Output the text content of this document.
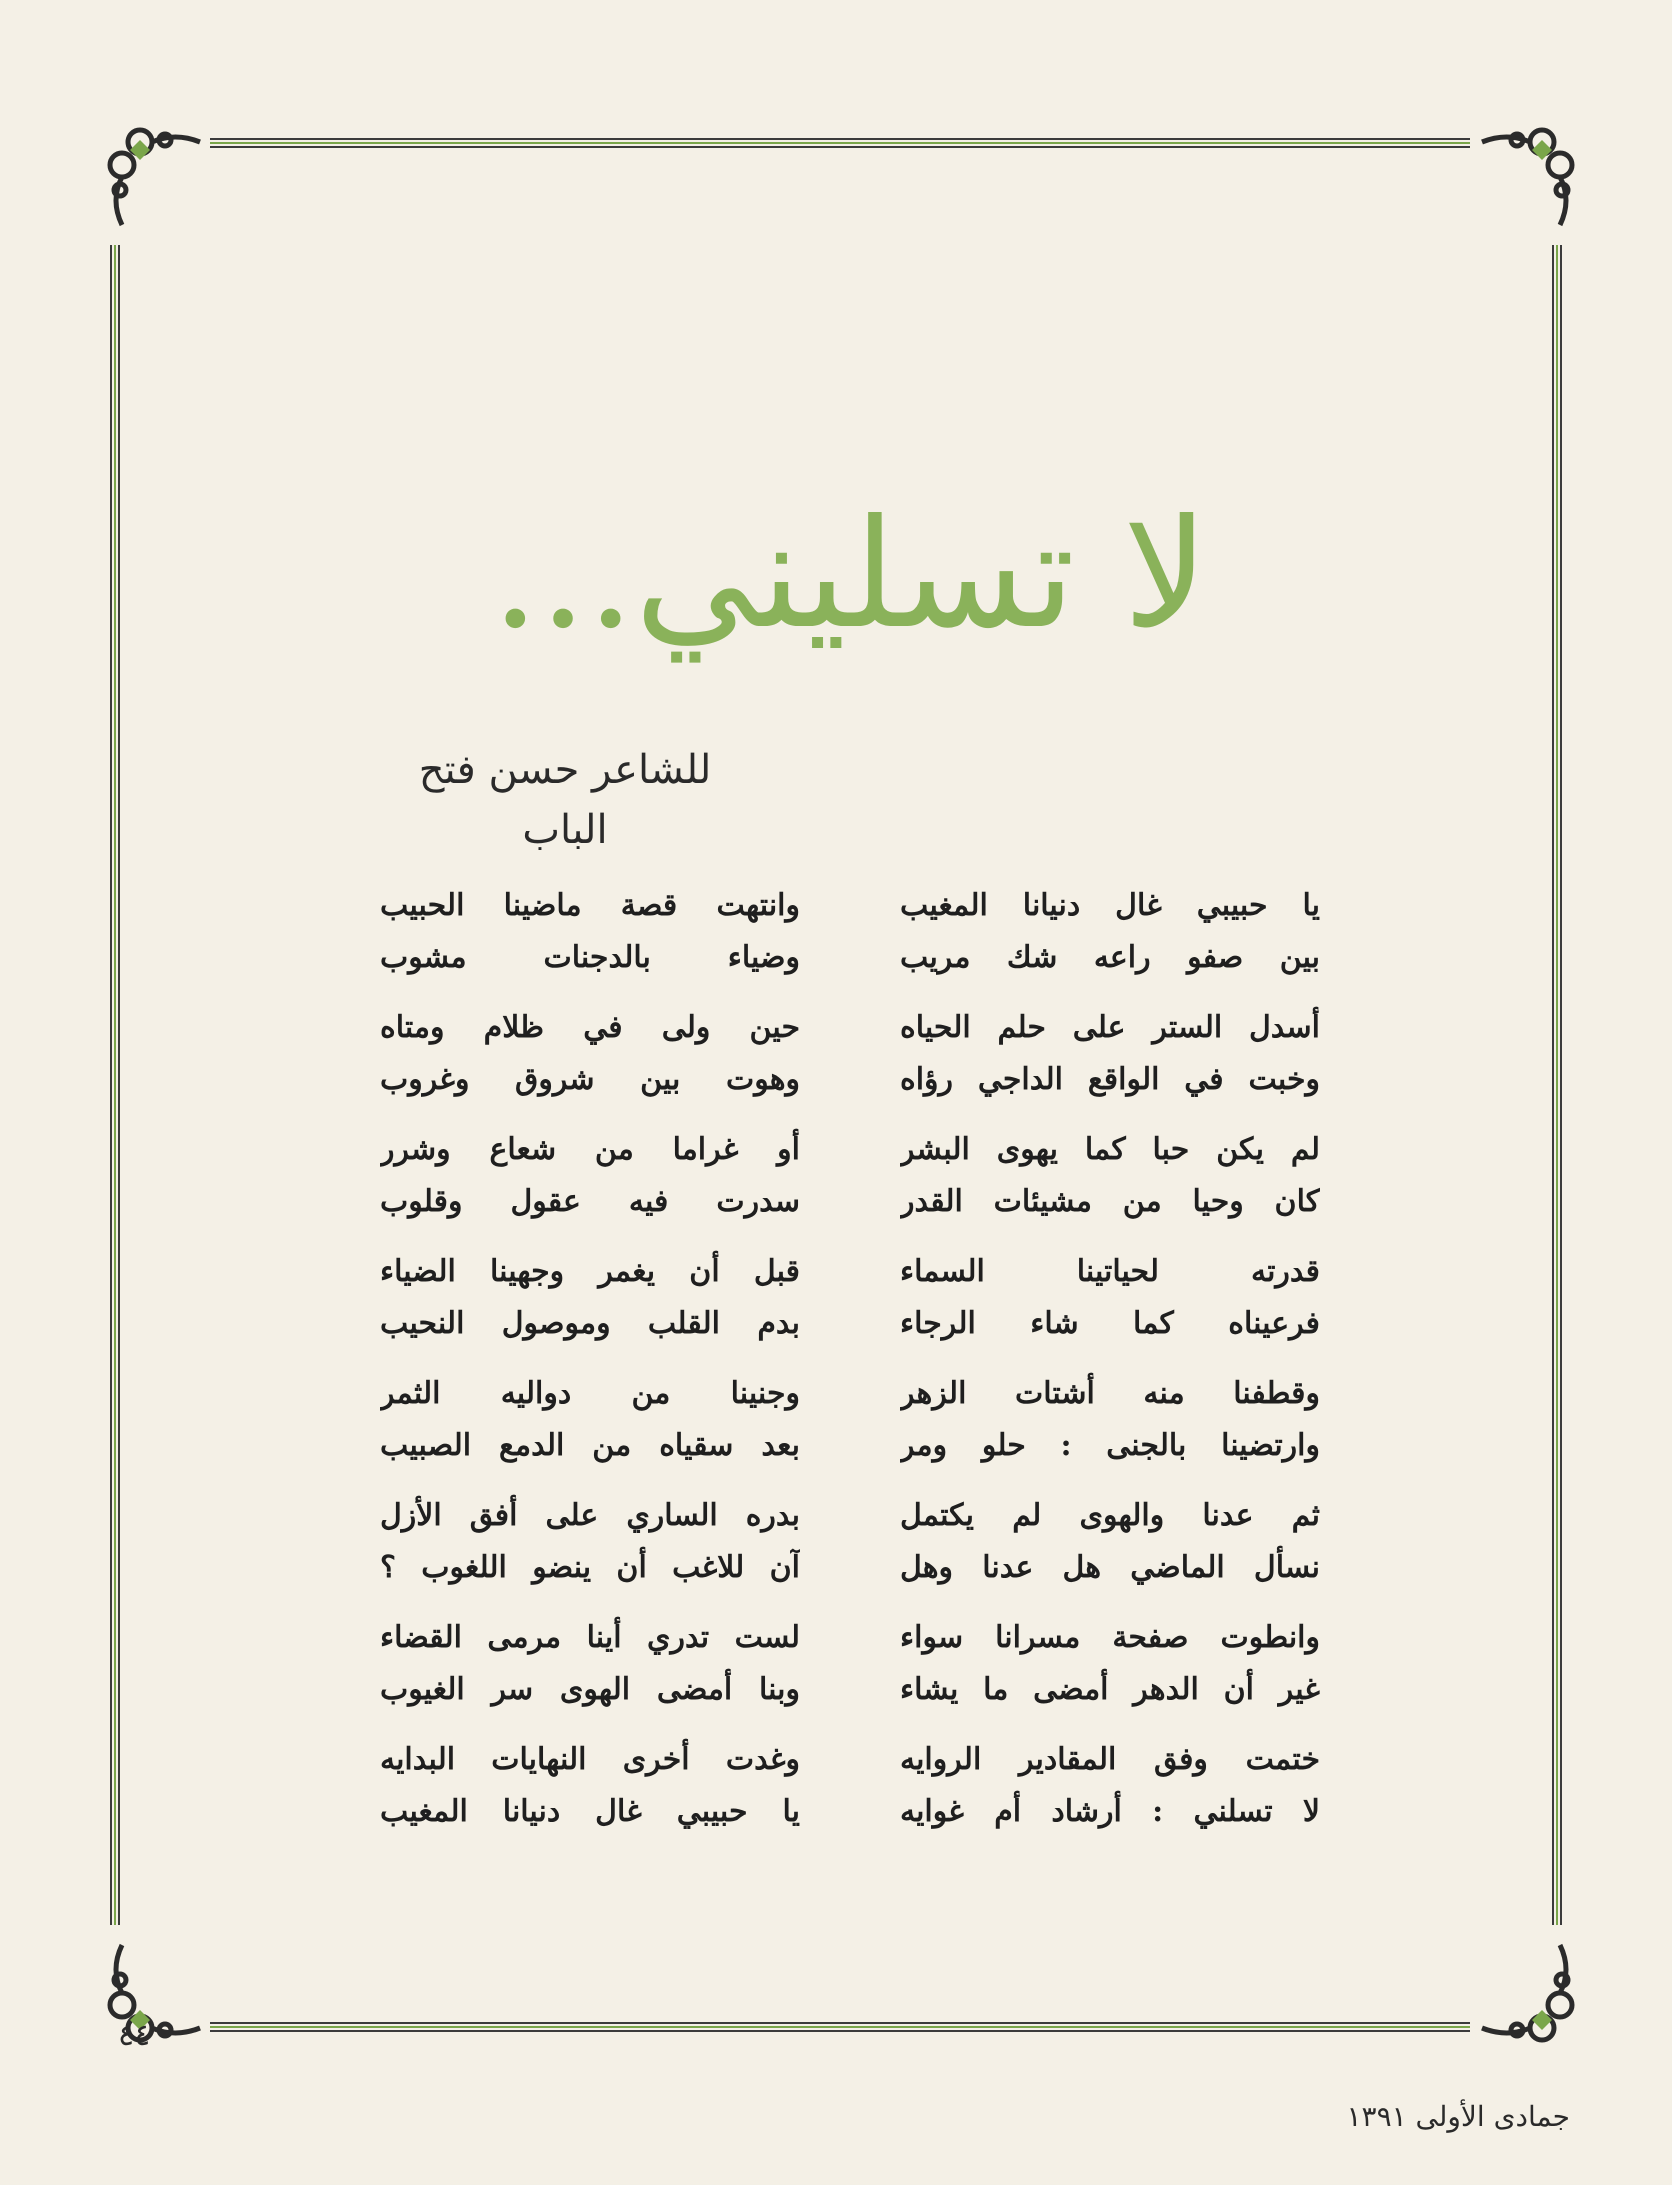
لا تسليني...
للشاعر حسن فتح الباب
يا حبيبي غال دنيانا المغيب
بين صفو راعه شك مريب
وانتهت قصة ماضينا الحبيب
وضياء بالدجنات مشوب
أسدل الستر على حلم الحياه
وخبت في الواقع الداجي رؤاه
حين ولى في ظلام ومتاه
وهوت بين شروق وغروب
لم يكن حبا كما يهوى البشر
كان وحيا من مشيئات القدر
أو غراما من شعاع وشرر
سدرت فيه عقول وقلوب
قدرته لحياتينا السماء
فرعيناه كما شاء الرجاء
قبل أن يغمر وجهينا الضياء
بدم القلب وموصول النحيب
وقطفنا منه أشتات الزهر
وارتضينا بالجنى : حلو ومر
وجنينا من دواليه الثمر
بعد سقياه من الدمع الصبيب
ثم عدنا والهوى لم يكتمل
نسأل الماضي هل عدنا وهل
بدره الساري على أفق الأزل
آن للاغب أن ينضو اللغوب ؟
وانطوت صفحة مسرانا سواء
غير أن الدهر أمضى ما يشاء
لست تدري أينا مرمى القضاء
وبنا أمضى الهوى سر الغيوب
ختمت وفق المقادير الروايه
لا تسلني : أرشاد أم غوايه
وغدت أخرى النهايات البدايه
يا حبيبي غال دنيانا المغيب
٤٤
جمادى الأولى ١٣٩١
